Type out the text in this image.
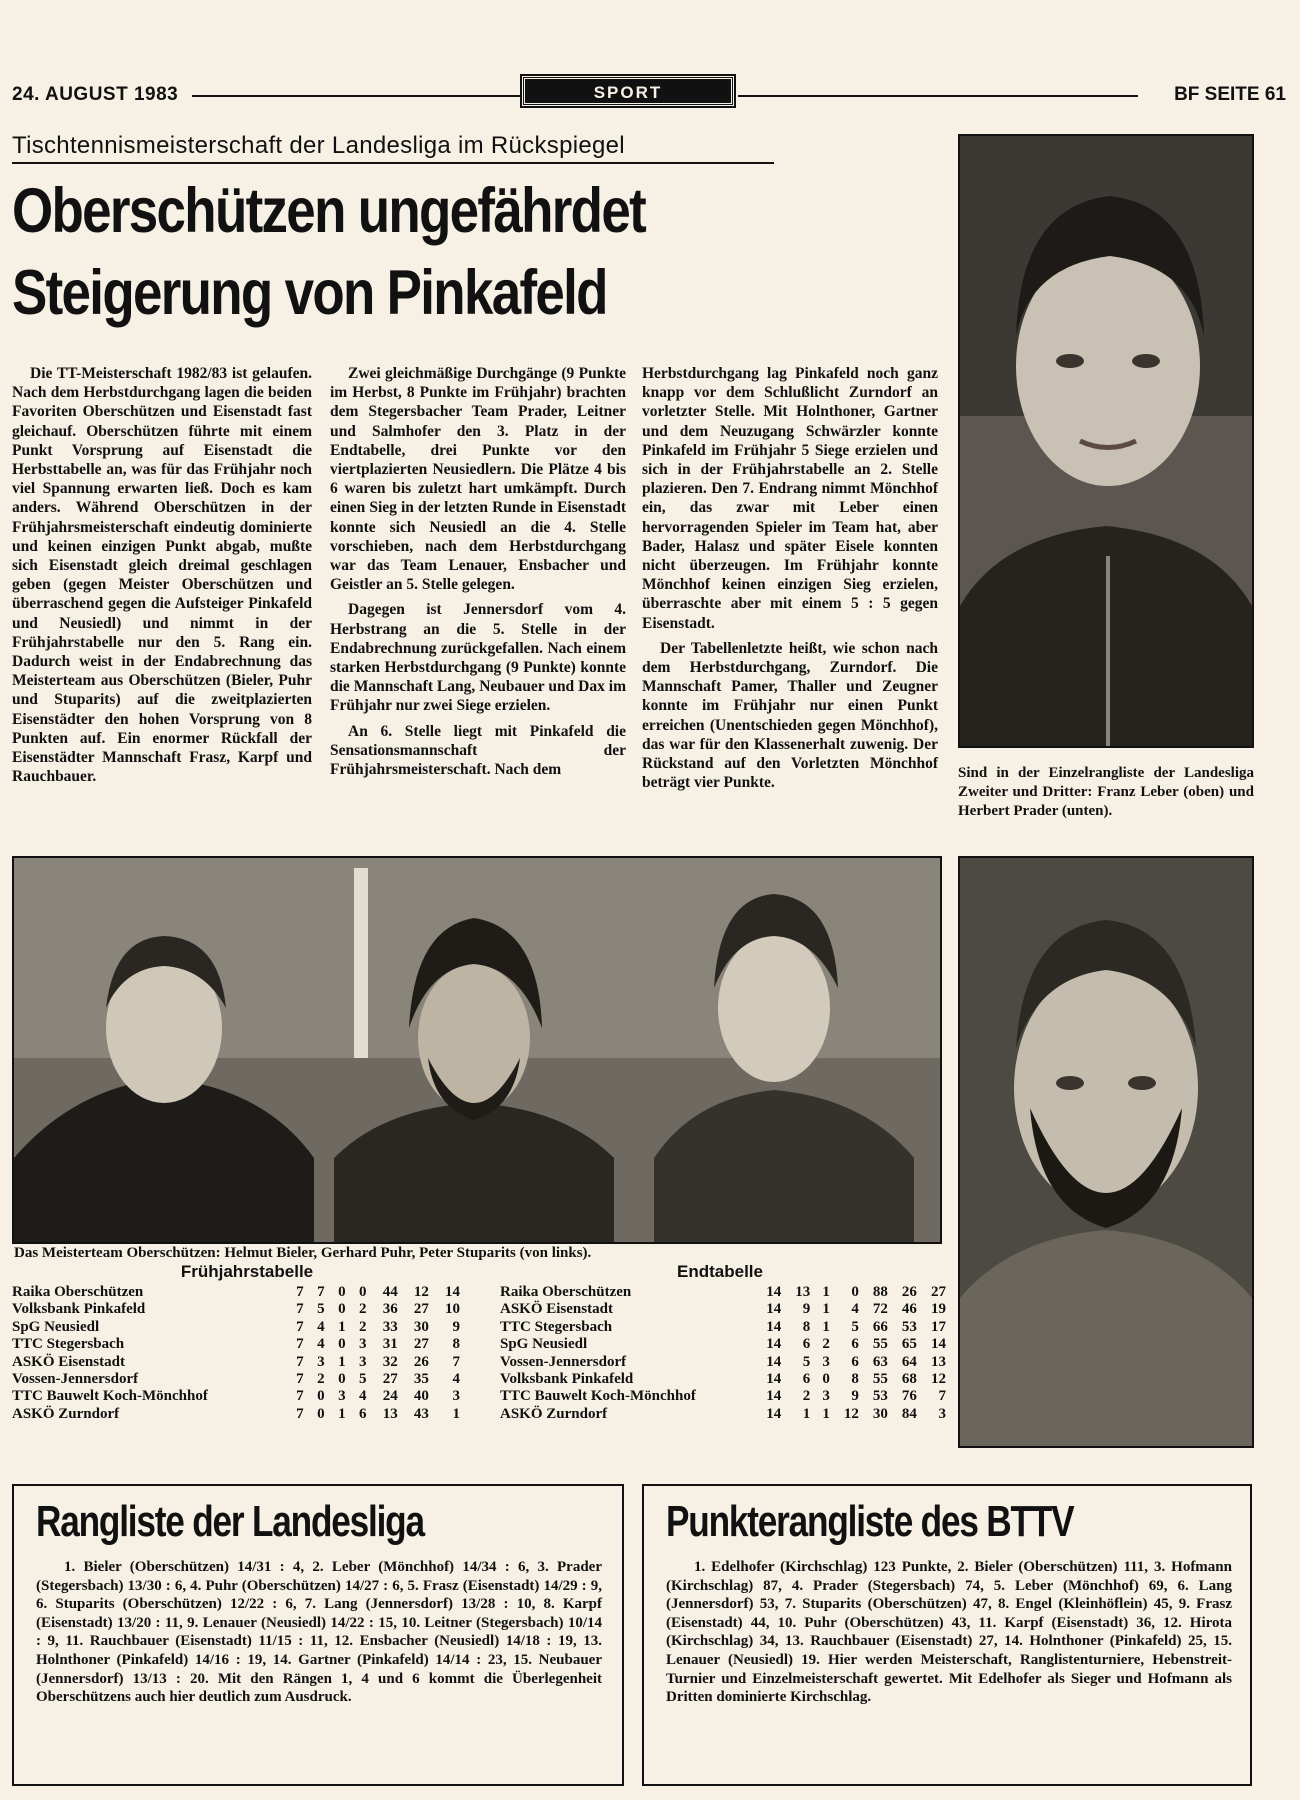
24. AUGUST 1983	SPORT	BF SEITE 61
Tischtennismeisterschaft der Landesliga im Rückspiegel
Oberschützen ungefährdet
Steigerung von Pinkafeld

Die TT-Meisterschaft 1982/83 ist gelaufen. Nach dem Herbstdurchgang lagen die beiden Favoriten Oberschützen und Eisenstadt fast gleichauf. Oberschützen führte mit einem Punkt Vorsprung auf Eisenstadt die Herbsttabelle an, was für das Frühjahr noch viel Spannung erwarten ließ. Doch es kam anders. Während Oberschützen in der Frühjahrsmeisterschaft eindeutig dominierte und keinen einzigen Punkt abgab, mußte sich Eisenstadt gleich dreimal geschlagen geben (gegen Meister Oberschützen und überraschend gegen die Aufsteiger Pinkafeld und Neusiedl) und nimmt in der Frühjahrstabelle nur den 5. Rang ein. Dadurch weist in der Endabrechnung das Meisterteam aus Oberschützen (Bieler, Puhr und Stuparits) auf die zweitplazierten Eisenstädter den hohen Vorsprung von 8 Punkten auf. Ein enormer Rückfall der Eisenstädter Mannschaft Frasz, Karpf und Rauchbauer.

Zwei gleichmäßige Durchgänge (9 Punkte im Herbst, 8 Punkte im Frühjahr) brachten dem Stegersbacher Team Prader, Leitner und Salmhofer den 3. Platz in der Endtabelle, drei Punkte vor den viertplazierten Neusiedlern. Die Plätze 4 bis 6 waren bis zuletzt hart umkämpft. Durch einen Sieg in der letzten Runde in Eisenstadt konnte sich Neusiedl an die 4. Stelle vorschieben, nach dem Herbstdurchgang war das Team Lenauer, Ensbacher und Geistler an 5. Stelle gelegen.

Dagegen ist Jennersdorf vom 4. Herbstrang an die 5. Stelle in der Endabrechnung zurückgefallen. Nach einem starken Herbstdurchgang (9 Punkte) konnte die Mannschaft Lang, Neubauer und Dax im Frühjahr nur zwei Siege erzielen.

An 6. Stelle liegt mit Pinkafeld die Sensationsmannschaft der Frühjahrsmeisterschaft. Nach dem

Herbstdurchgang lag Pinkafeld noch ganz knapp vor dem Schlußlicht Zurndorf an vorletzter Stelle. Mit Holnthoner, Gartner und dem Neuzugang Schwärzler konnte Pinkafeld im Frühjahr 5 Siege erzielen und sich in der Frühjahrstabelle an 2. Stelle plazieren. Den 7. Endrang nimmt Mönchhof ein, das zwar mit Leber einen hervorragenden Spieler im Team hat, aber Bader, Halasz und später Eisele konnten nicht überzeugen. Im Frühjahr konnte Mönchhof keinen einzigen Sieg erzielen, überraschte aber mit einem 5 : 5 gegen Eisenstadt.

Der Tabellenletzte heißt, wie schon nach dem Herbstdurchgang, Zurndorf. Die Mannschaft Pamer, Thaller und Zeugner konnte im Frühjahr nur einen Punkt erreichen (Unentschieden gegen Mönchhof), das war für den Klassenerhalt zuwenig. Der Rückstand auf den Vorletzten Mönchhof beträgt vier Punkte.

Sind in der Einzelrangliste der Landesliga Zweiter und Dritter: Franz Leber (oben) und Herbert Prader (unten).
Das Meisterteam Oberschützen: Helmut Bieler, Gerhard Puhr, Peter Stuparits (von links).
Frühjahrstabelle
Raika Oberschützen	7	7	0	0	44	12	14
Volksbank Pinkafeld	7	5	0	2	36	27	10
SpG Neusiedl	7	4	1	2	33	30	9
TTC Stegersbach	7	4	0	3	31	27	8
ASKÖ Eisenstadt	7	3	1	3	32	26	7
Vossen-Jennersdorf	7	2	0	5	27	35	4
TTC Bauwelt Koch-Mönchhof	7	0	3	4	24	40	3
ASKÖ Zurndorf	7	0	1	6	13	43	1
Endtabelle
Raika Oberschützen	14	13	1	0	88	26	27
ASKÖ Eisenstadt	14	9	1	4	72	46	19
TTC Stegersbach	14	8	1	5	66	53	17
SpG Neusiedl	14	6	2	6	55	65	14
Vossen-Jennersdorf	14	5	3	6	63	64	13
Volksbank Pinkafeld	14	6	0	8	55	68	12
TTC Bauwelt Koch-Mönchhof	14	2	3	9	53	76	7
ASKÖ Zurndorf	14	1	1	12	30	84	3
Rangliste der Landesliga
1. Bieler (Oberschützen) 14/31 : 4, 2. Leber (Mönchhof) 14/34 : 6, 3. Prader (Stegersbach) 13/30 : 6, 4. Puhr (Oberschützen) 14/27 : 6, 5. Frasz (Eisenstadt) 14/29 : 9, 6. Stuparits (Oberschützen) 12/22 : 6, 7. Lang (Jennersdorf) 13/28 : 10, 8. Karpf (Eisenstadt) 13/20 : 11, 9. Lenauer (Neusiedl) 14/22 : 15, 10. Leitner (Stegersbach) 10/14 : 9, 11. Rauchbauer (Eisenstadt) 11/15 : 11, 12. Ensbacher (Neusiedl) 14/18 : 19, 13. Holnthoner (Pinkafeld) 14/16 : 19, 14. Gartner (Pinkafeld) 14/14 : 23, 15. Neubauer (Jennersdorf) 13/13 : 20. Mit den Rängen 1, 4 und 6 kommt die Überlegenheit Oberschützens auch hier deutlich zum Ausdruck.
Punkterangliste des BTTV
1. Edelhofer (Kirchschlag) 123 Punkte, 2. Bieler (Oberschützen) 111, 3. Hofmann (Kirchschlag) 87, 4. Prader (Stegersbach) 74, 5. Leber (Mönchhof) 69, 6. Lang (Jennersdorf) 53, 7. Stuparits (Oberschützen) 47, 8. Engel (Kleinhöflein) 45, 9. Frasz (Eisenstadt) 44, 10. Puhr (Oberschützen) 43, 11. Karpf (Eisenstadt) 36, 12. Hirota (Kirchschlag) 34, 13. Rauchbauer (Eisenstadt) 27, 14. Holnthoner (Pinkafeld) 25, 15. Lenauer (Neusiedl) 19. Hier werden Meisterschaft, Ranglistenturniere, Hebenstreit-Turnier und Einzelmeisterschaft gewertet. Mit Edelhofer als Sieger und Hofmann als Dritten dominierte Kirchschlag.
